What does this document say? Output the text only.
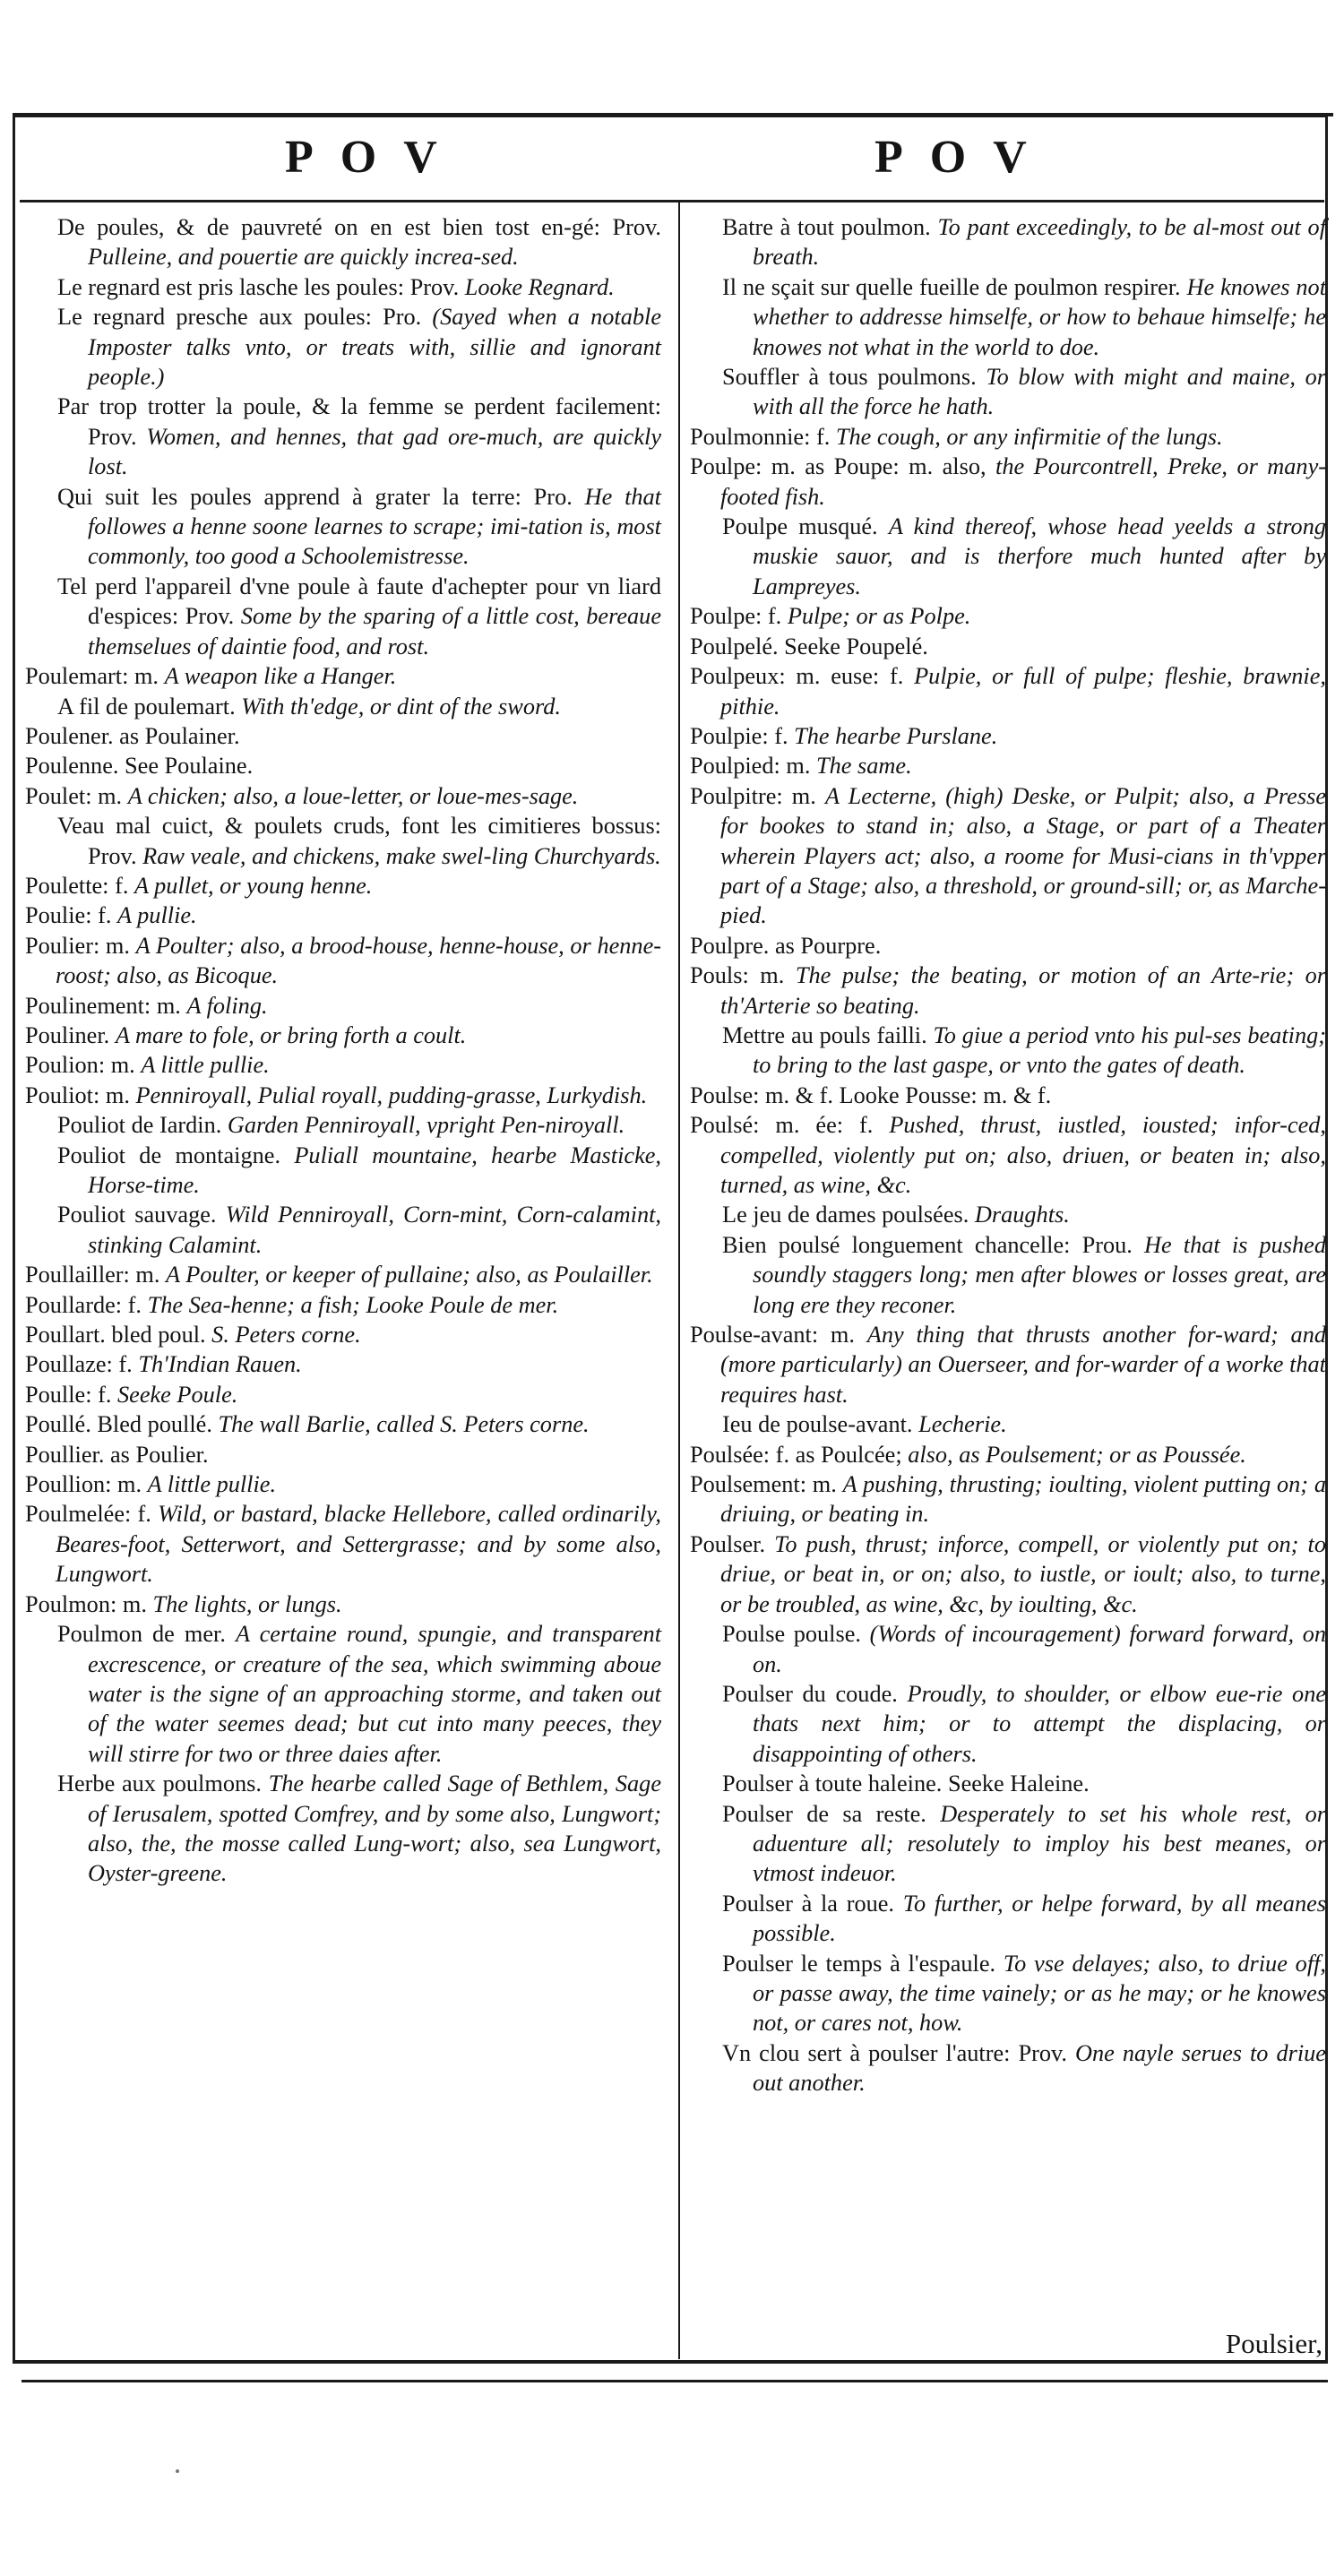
POV	POV
De poules, & de pauvreté on en est bien tost en-gé: Prov. Pulleine, and pouertie are quickly increa-sed.
Le regnard est pris lasche les poules: Prov. Looke Regnard.
Le regnard presche aux poules: Pro. (Sayed when a notable Imposter talks vnto, or treats with, sillie and ignorant people.)
Par trop trotter la poule, & la femme se perdent facilement: Prov. Women, and hennes, that gad ore-much, are quickly lost.
Qui suit les poules apprend à grater la terre: Pro. He that followes a henne soone learnes to scrape; imi-tation is, most commonly, too good a Schoolemistresse.
Tel perd l'appareil d'vne poule à faute d'achepter pour vn liard d'espices: Prov. Some by the sparing of a little cost, bereaue themselues of daintie food, and rost.
Poulemart: m. A weapon like a Hanger.
A fil de poulemart. With th'edge, or dint of the sword.
Poulener. as Poulainer.
Poulenne. See Poulaine.
Poulet: m. A chicken; also, a loue-letter, or loue-mes-sage.
Veau mal cuict, & poulets cruds, font les cimitieres bossus: Prov. Raw veale, and chickens, make swel-ling Churchyards.
Poulette: f. A pullet, or young henne.
Poulie: f. A pullie.
Poulier: m. A Poulter; also, a brood-house, henne-house, or henne-roost; also, as Bicoque.
Poulinement: m. A foling.
Pouliner. A mare to fole, or bring forth a coult.
Poulion: m. A little pullie.
Pouliot: m. Penniroyall, Pulial royall, pudding-grasse, Lurkydish.
Pouliot de Iardin. Garden Penniroyall, vpright Pen-niroyall.
Pouliot de montaigne. Puliall mountaine, hearbe Masticke, Horse-time.
Pouliot sauvage. Wild Penniroyall, Corn-mint, Corn-calamint, stinking Calamint.
Poullailler: m. A Poulter, or keeper of pullaine; also, as Poulailler.
Poullarde: f. The Sea-henne; a fish; Looke Poule de mer.
Poullart. bled poul. S. Peters corne.
Poullaze: f. Th'Indian Rauen.
Poulle: f. Seeke Poule.
Poullé. Bled poullé. The wall Barlie, called S. Peters corne.
Poullier. as Poulier.
Poullion: m. A little pullie.
Poulmelée: f. Wild, or bastard, blacke Hellebore, called ordinarily, Beares-foot, Setterwort, and Settergrasse; and by some also, Lungwort.
Poulmon: m. The lights, or lungs.
Poulmon de mer. A certaine round, spungie, and transparent excrescence, or creature of the sea, which swimming aboue water is the signe of an approaching storme, and taken out of the water seemes dead; but cut into many peeces, they will stirre for two or three daies after.
Herbe aux poulmons. The hearbe called Sage of Bethlem, Sage of Ierusalem, spotted Comfrey, and by some also, Lungwort; also, the, the mosse called Lung-wort; also, sea Lungwort, Oyster-greene.
Batre à tout poulmon. To pant exceedingly, to be al-most out of breath.
Il ne sçait sur quelle fueille de poulmon respirer. He knowes not whether to addresse himselfe, or how to behaue himselfe; he knowes not what in the world to doe.
Souffler à tous poulmons. To blow with might and maine, or with all the force he hath.
Poulmonnie: f. The cough, or any infirmitie of the lungs.
Poulpe: m. as Poupe: m. also, the Pourcontrell, Preke, or many-footed fish.
Poulpe musqué. A kind thereof, whose head yeelds a strong muskie sauor, and is therfore much hunted after by Lampreyes.
Poulpe: f. Pulpe; or as Polpe.
Poulpelé. Seeke Poupelé.
Poulpeux: m. euse: f. Pulpie, or full of pulpe; fleshie, brawnie, pithie.
Poulpie: f. The hearbe Purslane.
Poulpied: m. The same.
Poulpitre: m. A Lecterne, (high) Deske, or Pulpit; also, a Presse for bookes to stand in; also, a Stage, or part of a Theater wherein Players act; also, a roome for Musi-cians in th'vpper part of a Stage; also, a threshold, or ground-sill; or, as Marche-pied.
Poulpre. as Pourpre.
Pouls: m. The pulse; the beating, or motion of an Arte-rie; or th'Arterie so beating.
Mettre au pouls failli. To giue a period vnto his pul-ses beating; to bring to the last gaspe, or vnto the gates of death.
Poulse: m. & f. Looke Pousse: m. & f.
Poulsé: m. ée: f. Pushed, thrust, iustled, iousted; infor-ced, compelled, violently put on; also, driuen, or beaten in; also, turned, as wine, &c.
Le jeu de dames poulsées. Draughts.
Bien poulsé longuement chancelle: Prou. He that is pushed soundly staggers long; men after blowes or losses great, are long ere they reconer.
Poulse-avant: m. Any thing that thrusts another for-ward; and (more particularly) an Ouerseer, and for-warder of a worke that requires hast.
Ieu de poulse-avant. Lecherie.
Poulsée: f. as Poulcée; also, as Poulsement; or as Poussée.
Poulsement: m. A pushing, thrusting; ioulting, violent putting on; a driuing, or beating in.
Poulser. To push, thrust; inforce, compell, or violently put on; to driue, or beat in, or on; also, to iustle, or ioult; also, to turne, or be troubled, as wine, &c, by ioulting, &c.
Poulse poulse. (Words of incouragement) forward forward, on on.
Poulser du coude. Proudly, to shoulder, or elbow eue-rie one thats next him; or to attempt the displacing, or disappointing of others.
Poulser à toute haleine. Seeke Haleine.
Poulser de sa reste. Desperately to set his whole rest, or aduenture all; resolutely to imploy his best meanes, or vtmost indeuor.
Poulser à la roue. To further, or helpe forward, by all meanes possible.
Poulser le temps à l'espaule. To vse delayes; also, to driue off, or passe away, the time vainely; or as he may; or he knowes not, or cares not, how.
Vn clou sert à poulser l'autre: Prov. One nayle serues to driue out another.
Poulsier,
